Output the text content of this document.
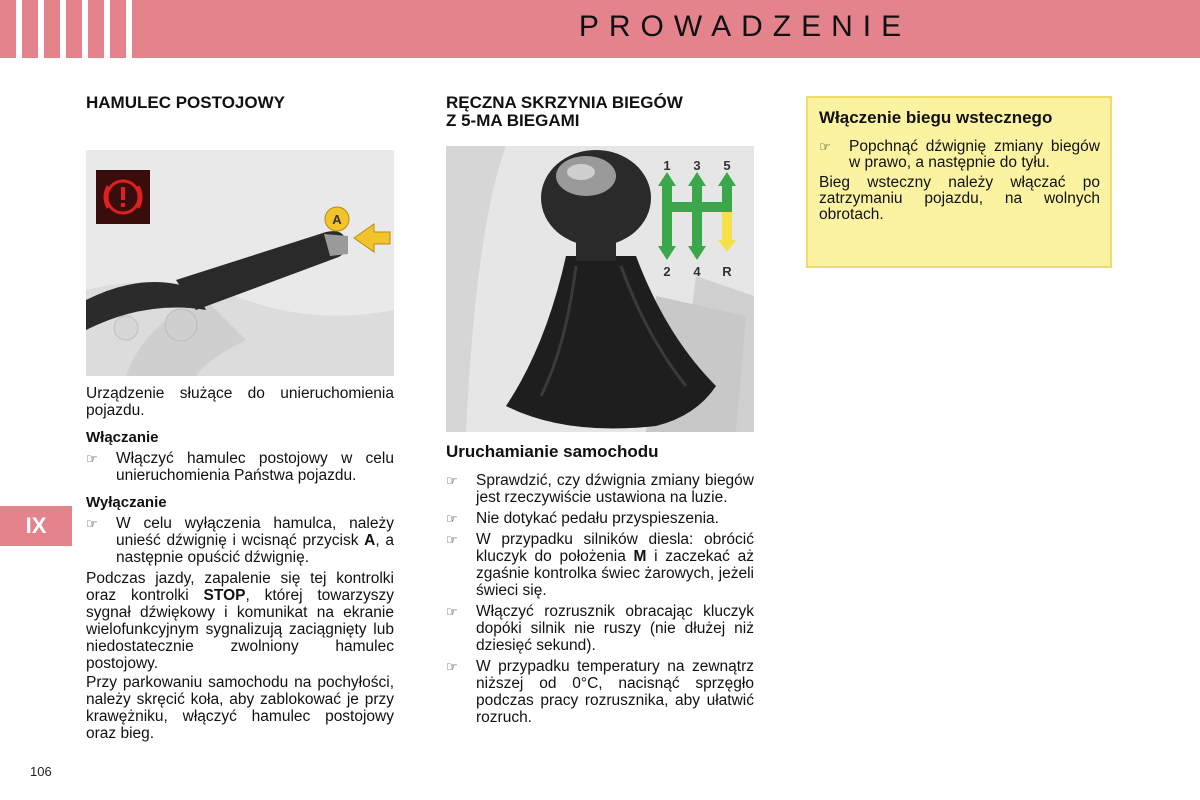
PROWADZENIE
IX
106
HAMULEC POSTOJOWY
A

Urządzenie służące do unieruchomienia pojazdu.

Włączanie
☞ Włączyć hamulec postojowy w celu unieruchomienia Państwa pojazdu.
Wyłączanie
☞ W celu wyłączenia hamulca, należy unieść dźwignię i wcisnąć przycisk A, a następnie opuścić dźwignię.

Podczas jazdy, zapalenie się tej kontrolki oraz kontrolki STOP, której towarzyszy sygnał dźwiękowy i komunikat na ekranie wielofunkcyjnym sygnalizują zaciągnięty lub niedostatecznie zwolniony hamulec postojowy.

Przy parkowaniu samochodu na pochyłości, należy skręcić koła, aby zablokować je przy krawężniku, włączyć hamulec postojowy oraz bieg.

RĘCZNA SKRZYNIA BIEGÓW
Z 5-MA BIEGAMI
1 3 5
2 4 R
Uruchamianie samochodu
☞ Sprawdzić, czy dźwignia zmiany biegów jest rzeczywiście ustawiona na luzie.
☞ Nie dotykać pedału przyspieszenia.
☞ W przypadku silników diesla: obrócić kluczyk do położenia M i zaczekać aż zgaśnie kontrolka świec żarowych, jeżeli świeci się.
☞ Włączyć rozrusznik obracając kluczyk dopóki silnik nie ruszy (nie dłużej niż dziesięć sekund).
☞ W przypadku temperatury na zewnątrz niższej od 0°C, nacisnąć sprzęgło podczas pracy rozrusznika, aby ułatwić rozruch.
Włączenie biegu wstecznego
☞ Popchnąć dźwignię zmiany biegów w prawo, a następnie do tyłu.

Bieg wsteczny należy włączać po zatrzymaniu pojazdu, na wolnych obrotach.
